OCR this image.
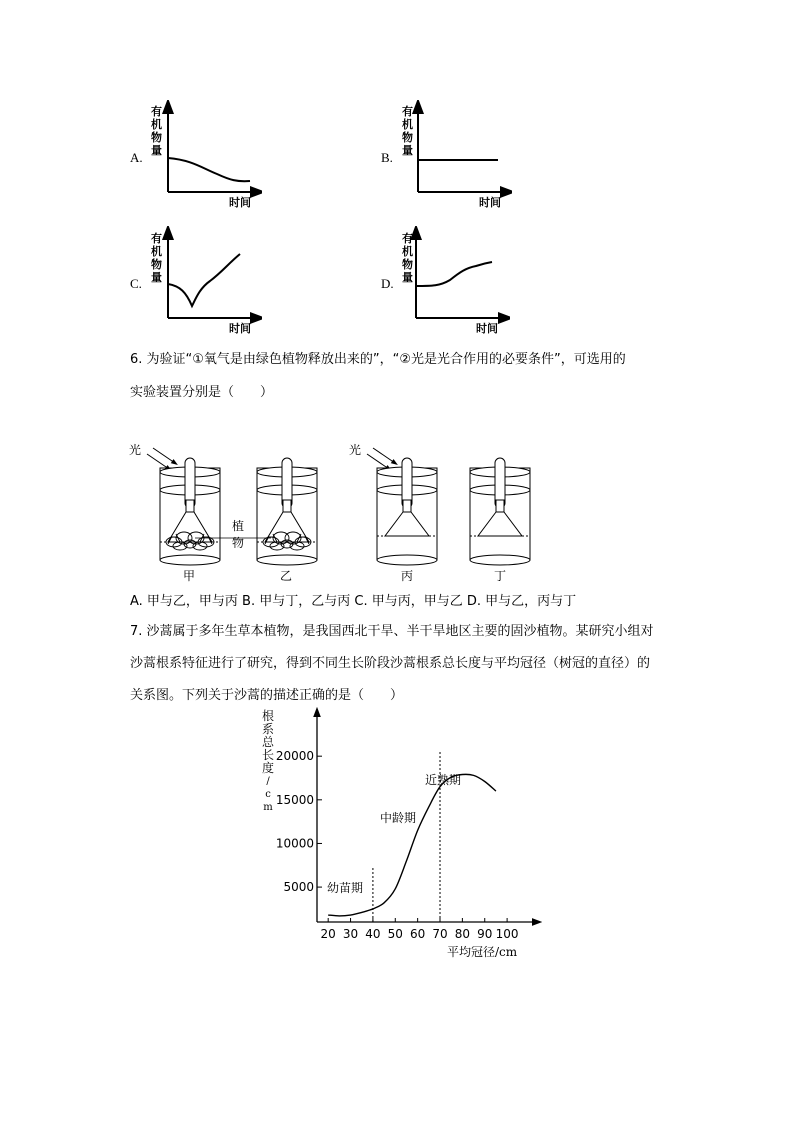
A.
有
机
物
量
时间
B.
有
机
物
量
时间
C.
有
机
物
量
时间
D.
有
机
物
量
时间
6. 为验证“①氧气是由绿色植物释放出来的”，“②光是光合作用的必要条件”，可选用的
实验装置分别是（　　）
光	光
植
物
甲	乙	丙	丁
A. 甲与乙，甲与丙 B. 甲与丁，乙与丙 C. 甲与丙，甲与乙 D. 甲与乙，丙与丁
7. 沙蒿属于多年生草本植物，是我国西北干旱、半干旱地区主要的固沙植物。某研究小组对
沙蒿根系特征进行了研究，得到不同生长阶段沙蒿根系总长度与平均冠径（树冠的直径）的
关系图。下列关于沙蒿的描述正确的是（　　）
5000
10000
15000
20000
20 30 40 50 60 70 80 90 100
幼苗期
中龄期
近熟期
根
系
总
长
度
/
c
m
平均冠径/cm
